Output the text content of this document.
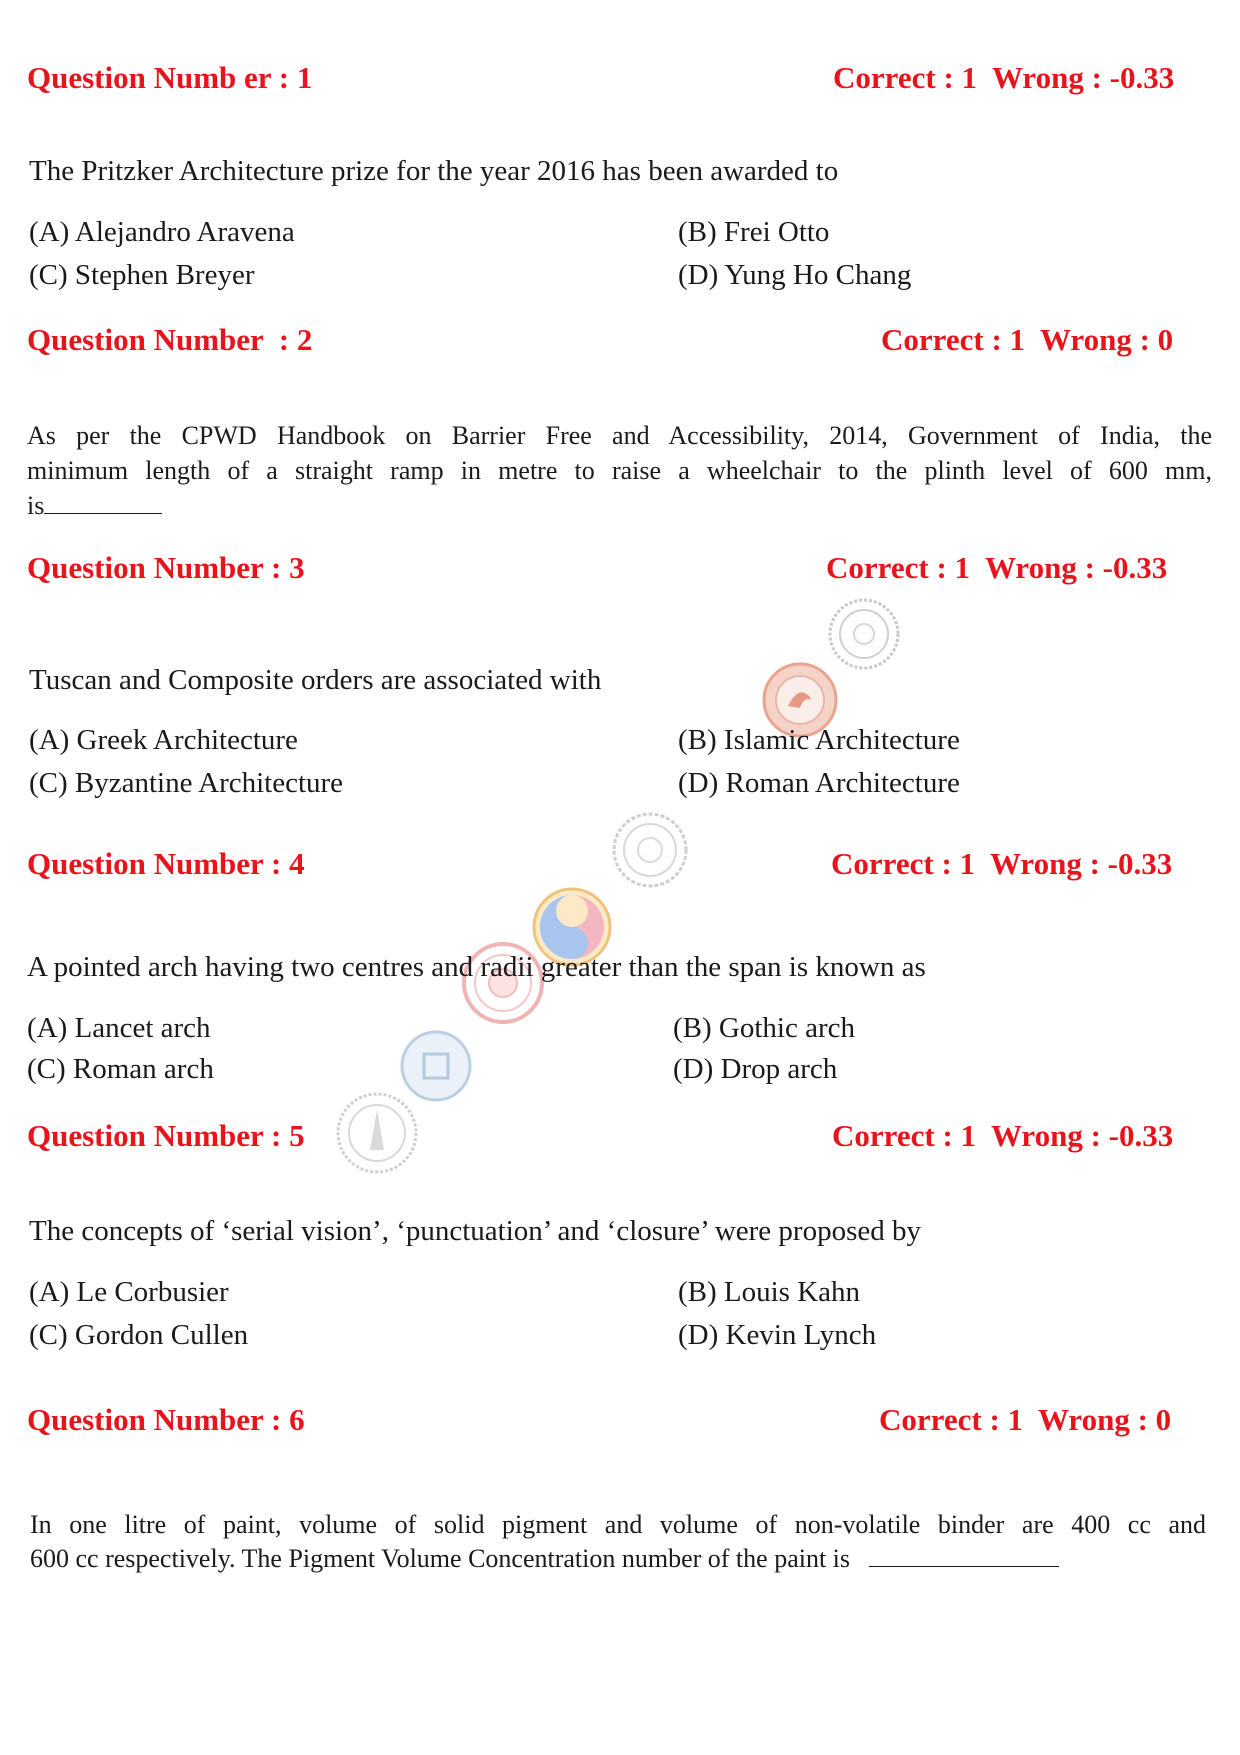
Question Numb er : 1	Correct : 1  Wrong : -0.33
The Pritzker Architecture prize for the year 2016 has been awarded to
(A) Alejandro Aravena	(B) Frei Otto
(C) Stephen Breyer	(D) Yung Ho Chang
Question Number  : 2	Correct : 1  Wrong : 0
As per the CPWD Handbook on Barrier Free and Accessibility, 2014, Government of India, the
minimum length of a straight ramp in metre to raise a wheelchair to the plinth level of 600 mm,
is
Question Number : 3	Correct : 1  Wrong : -0.33
Tuscan and Composite orders are associated with
(A) Greek Architecture	(B) Islamic Architecture
(C) Byzantine Architecture	(D) Roman Architecture
Question Number : 4	Correct : 1  Wrong : -0.33
A pointed arch having two centres and radii greater than the span is known as
(A) Lancet arch	(B) Gothic arch
(C) Roman arch	(D) Drop arch
Question Number : 5	Correct : 1  Wrong : -0.33
The concepts of ‘serial vision’, ‘punctuation’ and ‘closure’ were proposed by
(A) Le Corbusier	(B) Louis Kahn
(C) Gordon Cullen	(D) Kevin Lynch
Question Number : 6	Correct : 1  Wrong : 0
In one litre of paint, volume of solid pigment and volume of non-volatile binder are 400 cc and
600 cc respectively. The Pigment Volume Concentration number of the paint is
